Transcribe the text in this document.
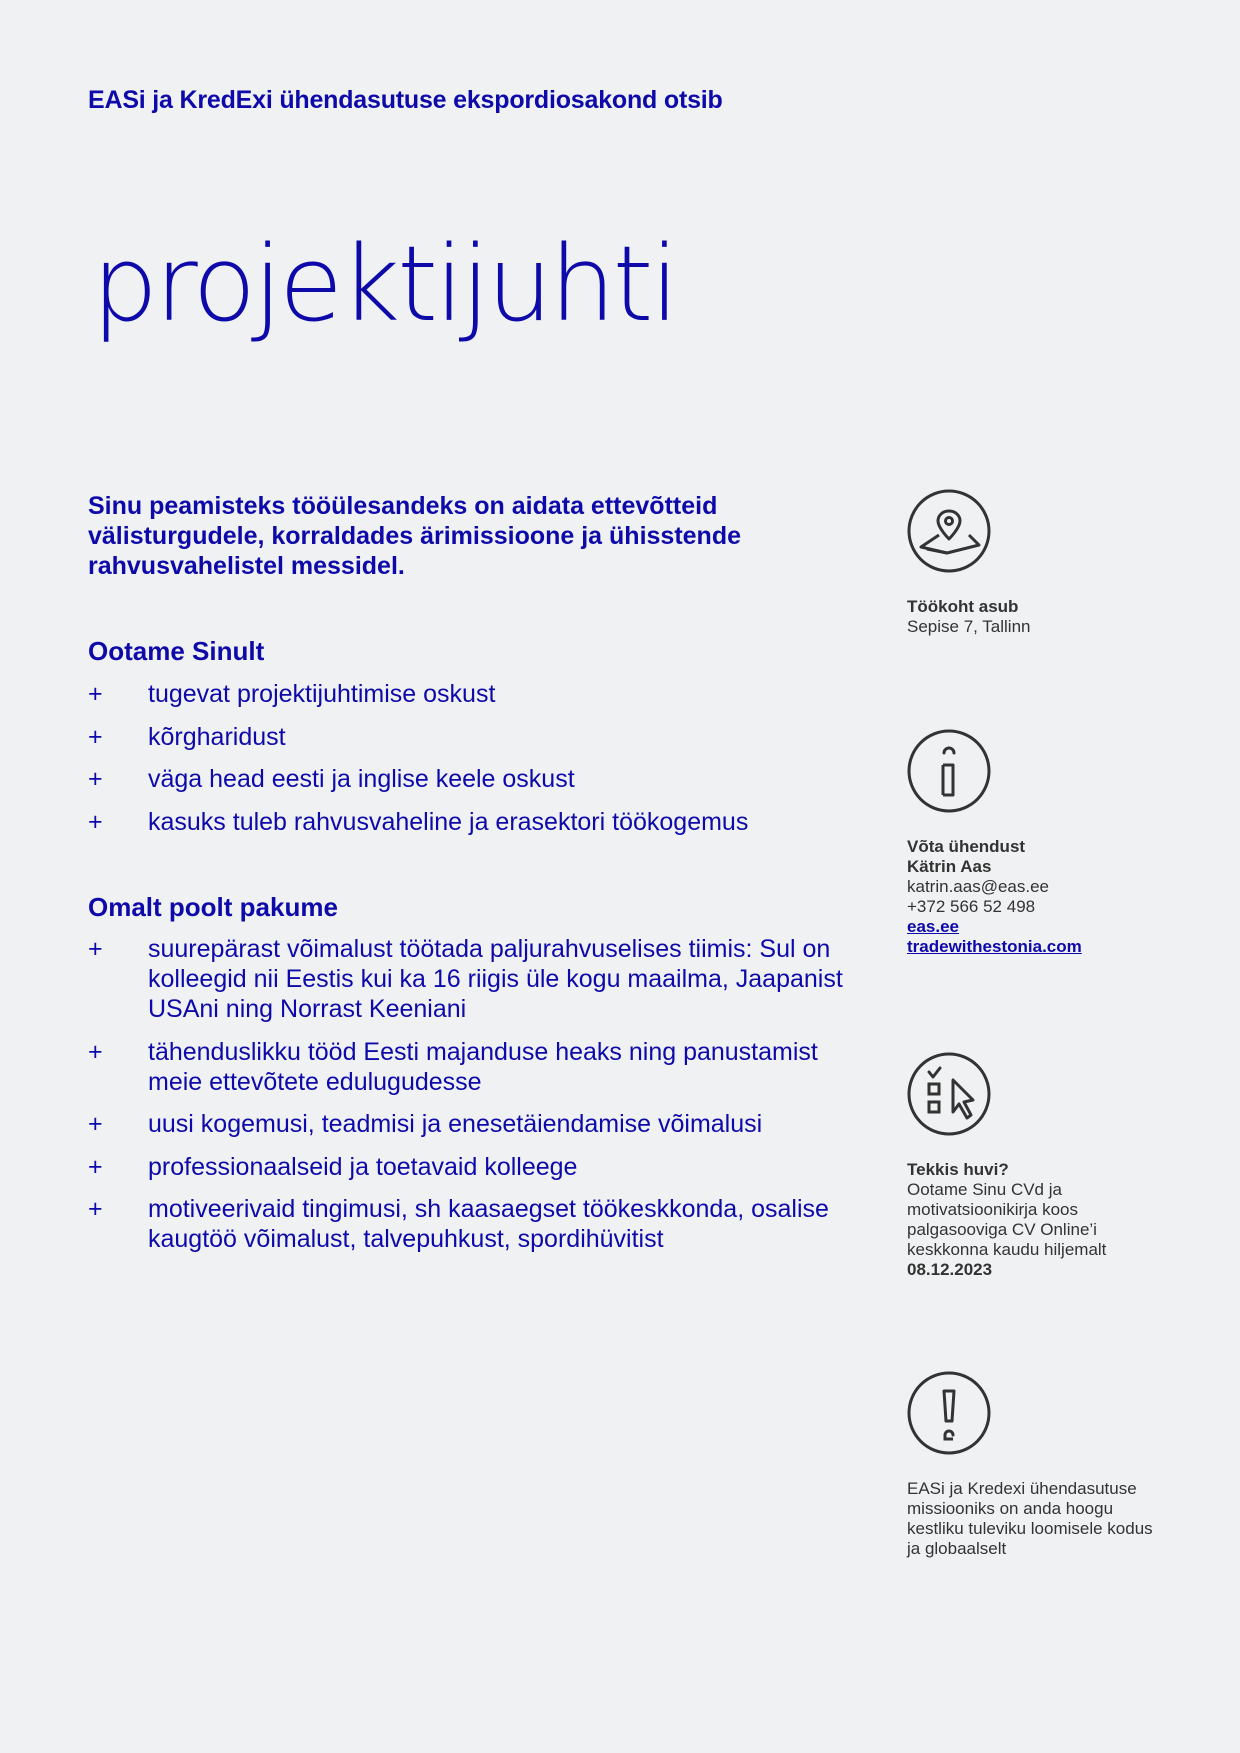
EASi ja KredExi ühendasutuse ekspordiosakond otsib
projektijuhti
Sinu peamisteks tööülesandeks on aidata ettevõtteid välisturgudele, korraldades ärimissioone ja ühisstende rahvusvahelistel messidel.
Ootame Sinult
+ tugevat projektijuhtimise oskust
+ kõrgharidust
+ väga head eesti ja inglise keele oskust
+ kasuks tuleb rahvusvaheline ja erasektori töökogemus
Omalt poolt pakume
+ suurepärast võimalust töötada paljurahvuselises tiimis: Sul on kolleegid nii Eestis kui ka 16 riigis üle kogu maailma, Jaapanist USAni ning Norrast Keeniani
+ tähenduslikku tööd Eesti majanduse heaks ning panustamist meie ettevõtete edulugudesse
+ uusi kogemusi, teadmisi ja enesetäiendamise võimalusi
+ professionaalseid ja toetavaid kolleege
+ motiveerivaid tingimusi, sh kaasaegset töökeskkonda, osalise kaugtöö võimalust, talvepuhkust, spordihüvitist
Töökoht asub
Sepise 7, Tallinn
Võta ühendust
Kätrin Aas
katrin.aas@eas.ee
+372 566 52 498
eas.ee
tradewithestonia.com
Tekkis huvi?
Ootame Sinu CVd ja motivatsioonikirja koos palgasooviga CV Online’i keskkonna kaudu hiljemalt
08.12.2023
EASi ja Kredexi ühendasutuse missiooniks on anda hoogu kestliku tuleviku loomisele kodus ja globaalselt
